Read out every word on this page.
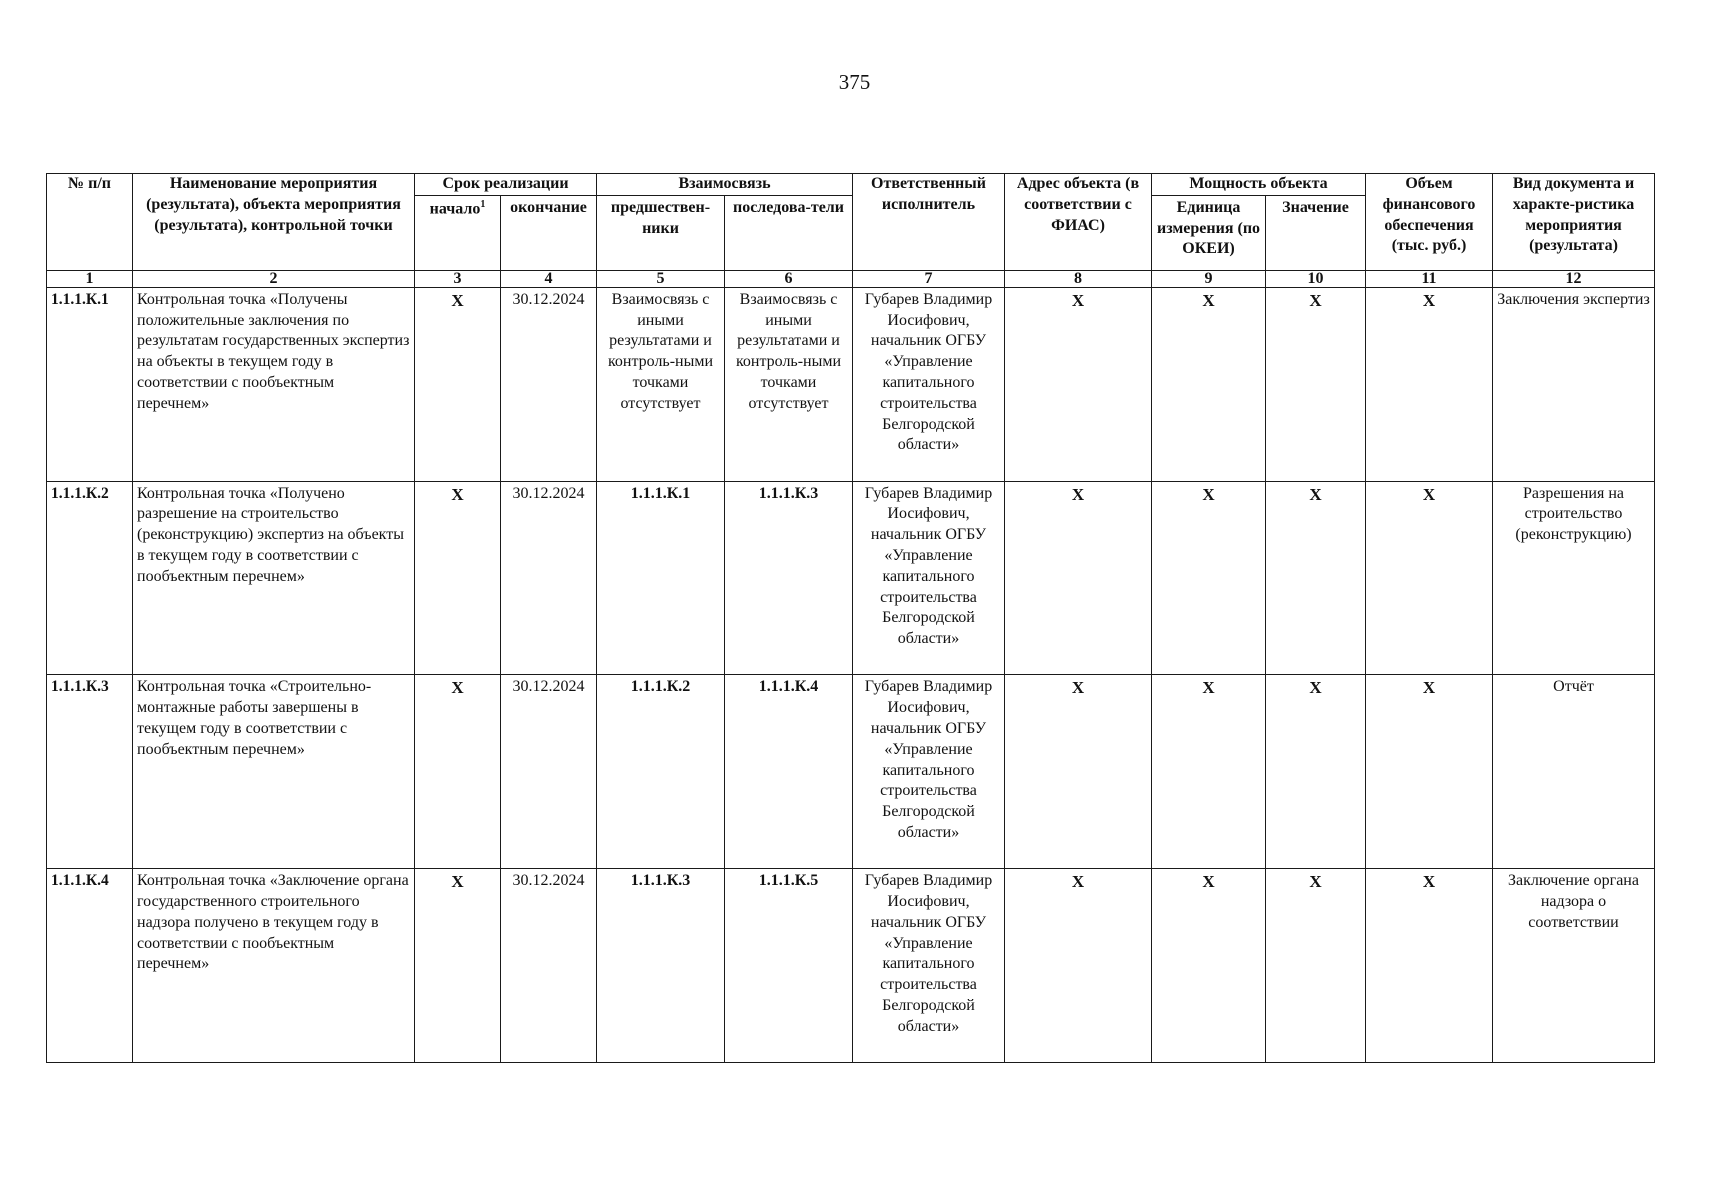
375
№ п/п	Наименование мероприятия (результата), объекта мероприятия (результата), контрольной точки	Срок реализации		Взаимосвязь		Ответственный исполнитель	Адрес объекта (в соответствии с ФИАС)	Мощность объекта		Объем финансового обеспечения (тыс. руб.)	Вид документа и характе-ристика мероприятия (результата)
		начало$^1$	окончание	предшествен-ники	последова-тели			Единица измерения (по ОКЕИ)	Значение		
1	2	3	4	5	6	7	8	9	10	11	12
1.1.1.К.1	Контрольная точка «Получены положительные заключения по результатам государственных экспертиз на объекты в текущем году в соответствии с пообъектным перечнем»	X	30.12.2024	Взаимосвязь с иными результатами и контроль-ными точками отсутствует	Взаимосвязь с иными результатами и контроль-ными точками отсутствует	Губарев Владимир Иосифович, начальник ОГБУ «Управление капитального строительства Белгородской области»	X	X	X	X	Заключения экспертиз
1.1.1.К.2	Контрольная точка «Получено разрешение на строительство (реконструкцию) экспертиз на объекты в текущем году в соответствии с пообъектным перечнем»	X	30.12.2024	1.1.1.К.1	1.1.1.К.3	Губарев Владимир Иосифович, начальник ОГБУ «Управление капитального строительства Белгородской области»	X	X	X	X	Разрешения на строительство (реконструкцию)
1.1.1.К.3	Контрольная точка «Строительно-монтажные работы завершены в текущем году в соответствии с пообъектным перечнем»	X	30.12.2024	1.1.1.К.2	1.1.1.К.4	Губарев Владимир Иосифович, начальник ОГБУ «Управление капитального строительства Белгородской области»	X	X	X	X	Отчёт
1.1.1.К.4	Контрольная точка «Заключение органа государственного строительного надзора получено в текущем году в соответствии с пообъектным перечнем»	X	30.12.2024	1.1.1.К.3	1.1.1.К.5	Губарев Владимир Иосифович, начальник ОГБУ «Управление капитального строительства Белгородской области»	X	X	X	X	Заключение органа надзора о соответствии
